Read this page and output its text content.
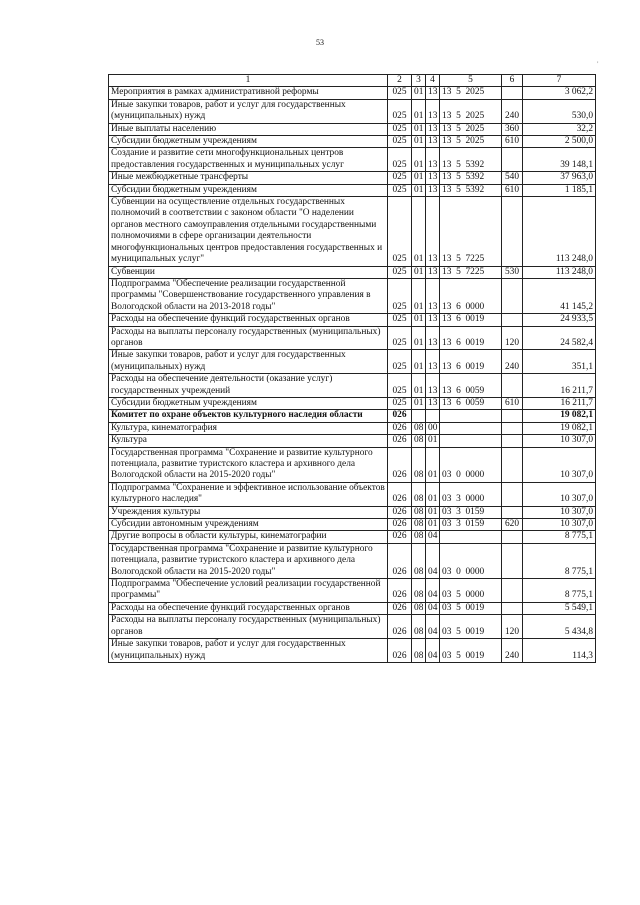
53
,
1	2	3	4	5	6	7
Мероприятия в рамках административной реформы	025	01	13	13  5  2025		3 062,2
Иные закупки товаров, работ и услуг для государственных (муниципальных) нужд	025	01	13	13  5  2025	240	530,0
Иные выплаты населению	025	01	13	13  5  2025	360	32,2
Субсидии бюджетным учреждениям	025	01	13	13  5  2025	610	2 500,0
Создание и развитие сети многофункциональных центров предоставления государственных и муниципальных услуг	025	01	13	13  5  5392		39 148,1
Иные межбюджетные трансферты	025	01	13	13  5  5392	540	37 963,0
Субсидии бюджетным учреждениям	025	01	13	13  5  5392	610	1 185,1
Субвенции на осуществление отдельных государственных полномочий в соответствии с законом области "О наделении органов местного самоуправления отдельными государственными полномочиями в сфере организации деятельности многофункциональных центров предоставления государственных и муниципальных услуг"	025	01	13	13  5  7225		113 248,0
Субвенции	025	01	13	13  5  7225	530	113 248,0
Подпрограмма "Обеспечение реализации государственной программы "Совершенствование государственного управления в Вологодской области на 2013-2018 годы"	025	01	13	13  6  0000		41 145,2
Расходы на обеспечение функций государственных органов	025	01	13	13  6  0019		24 933,5
Расходы на выплаты персоналу государственных (муниципальных) органов	025	01	13	13  6  0019	120	24 582,4
Иные закупки товаров, работ и услуг для государственных (муниципальных) нужд	025	01	13	13  6  0019	240	351,1
Расходы на обеспечение деятельности (оказание услуг) государственных учреждений	025	01	13	13  6  0059		16 211,7
Субсидии бюджетным учреждениям	025	01	13	13  6  0059	610	16 211,7
Комитет по охране объектов культурного наследия области	026					19 082,1
Культура, кинематография	026	08	00			19 082,1
Культура	026	08	01			10 307,0
Государственная программа "Сохранение и развитие культурного потенциала, развитие туристского кластера и архивного дела Вологодской области на 2015-2020 годы"	026	08	01	03  0  0000		10 307,0
Подпрограмма "Сохранение и эффективное использование объектов культурного наследия"	026	08	01	03  3  0000		10 307,0
Учреждения культуры	026	08	01	03  3  0159		10 307,0
Субсидии автономным учреждениям	026	08	01	03  3  0159	620	10 307,0
Другие вопросы в области культуры, кинематографии	026	08	04			8 775,1
Государственная программа "Сохранение и развитие культурного потенциала, развитие туристского кластера и архивного дела Вологодской области на 2015-2020 годы"	026	08	04	03  0  0000		8 775,1
Подпрограмма "Обеспечение условий реализации государственной программы"	026	08	04	03  5  0000		8 775,1
Расходы на обеспечение функций государственных органов	026	08	04	03  5  0019		5 549,1
Расходы на выплаты персоналу государственных (муниципальных) органов	026	08	04	03  5  0019	120	5 434,8
Иные закупки товаров, работ и услуг для государственных (муниципальных) нужд	026	08	04	03  5  0019	240	114,3
